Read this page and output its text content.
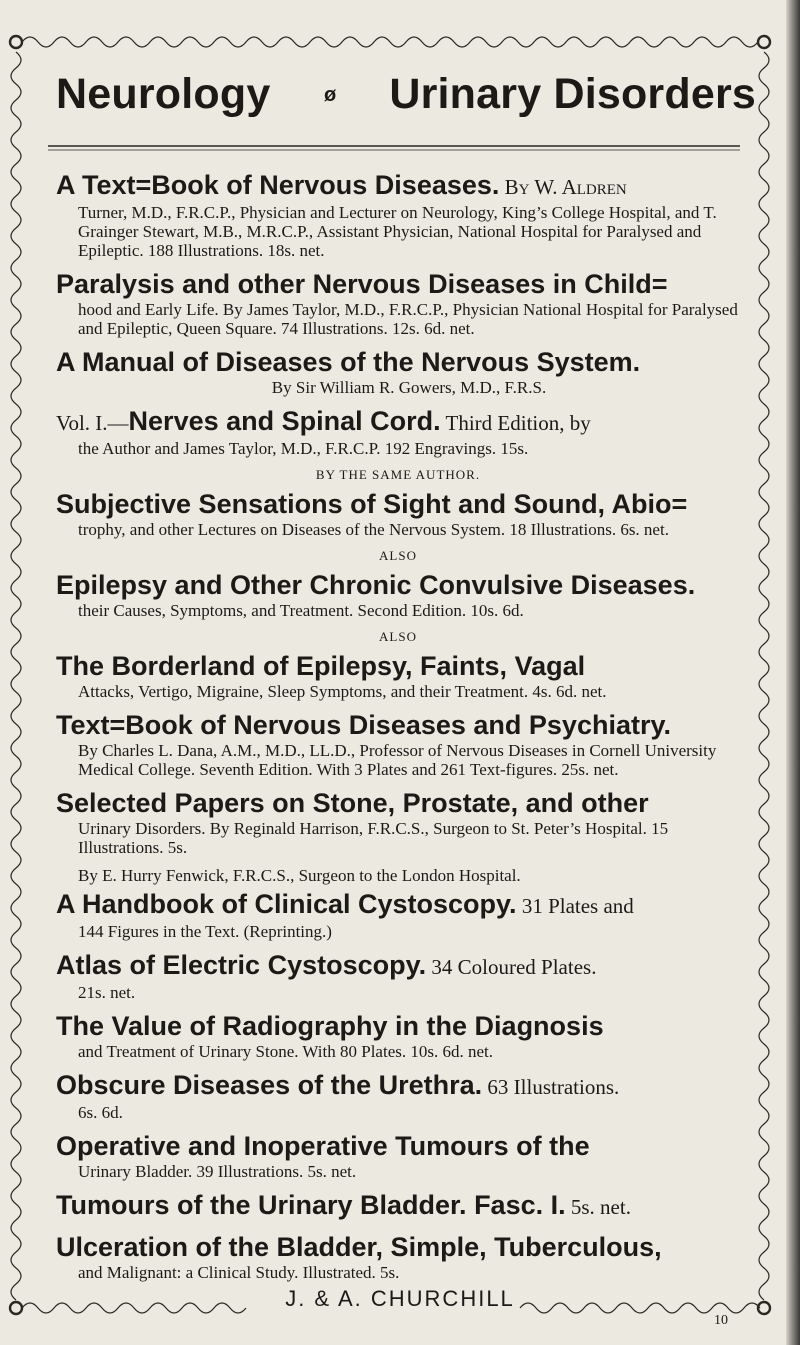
Neurology	ø Urinary Disorders
A Text=Book of Nervous Diseases. By W. Aldren
Turner, M.D., F.R.C.P., Physician and Lecturer on Neurology, King’s College Hospital, and T. Grainger Stewart, M.B., M.R.C.P., Assistant Physician, National Hospital for Paralysed and Epileptic. 188 Illustrations. 18s. net.
Paralysis and other Nervous Diseases in Child=
hood and Early Life. By James Taylor, M.D., F.R.C.P., Physician National Hospital for Paralysed and Epileptic, Queen Square. 74 Illustrations. 12s. 6d. net.
A Manual of Diseases of the Nervous System.
By Sir William R. Gowers, M.D., F.R.S.
Vol. I.—Nerves and Spinal Cord. Third Edition, by
the Author and James Taylor, M.D., F.R.C.P. 192 Engravings. 15s.
BY THE SAME AUTHOR.
Subjective Sensations of Sight and Sound, Abio=
trophy, and other Lectures on Diseases of the Nervous System. 18 Illustrations. 6s. net.
ALSO
Epilepsy and Other Chronic Convulsive Diseases.
their Causes, Symptoms, and Treatment. Second Edition. 10s. 6d.
ALSO
The Borderland of Epilepsy, Faints, Vagal
Attacks, Vertigo, Migraine, Sleep Symptoms, and their Treatment. 4s. 6d. net.
Text=Book of Nervous Diseases and Psychiatry.
By Charles L. Dana, A.M., M.D., LL.D., Professor of Nervous Diseases in Cornell University Medical College. Seventh Edition. With 3 Plates and 261 Text-figures. 25s. net.
Selected Papers on Stone, Prostate, and other
Urinary Disorders. By Reginald Harrison, F.R.C.S., Surgeon to St. Peter’s Hospital. 15 Illustrations. 5s.
By E. Hurry Fenwick, F.R.C.S., Surgeon to the London Hospital.
A Handbook of Clinical Cystoscopy. 31 Plates and
144 Figures in the Text. (Reprinting.)
Atlas of Electric Cystoscopy. 34 Coloured Plates.
21s. net.
The Value of Radiography in the Diagnosis
and Treatment of Urinary Stone. With 80 Plates. 10s. 6d. net.
Obscure Diseases of the Urethra. 63 Illustrations.
6s. 6d.
Operative and Inoperative Tumours of the
Urinary Bladder. 39 Illustrations. 5s. net.
Tumours of the Urinary Bladder. Fasc. I. 5s. net.
Ulceration of the Bladder, Simple, Tuberculous,
and Malignant: a Clinical Study. Illustrated. 5s.
J. & A. CHURCHILL
10
